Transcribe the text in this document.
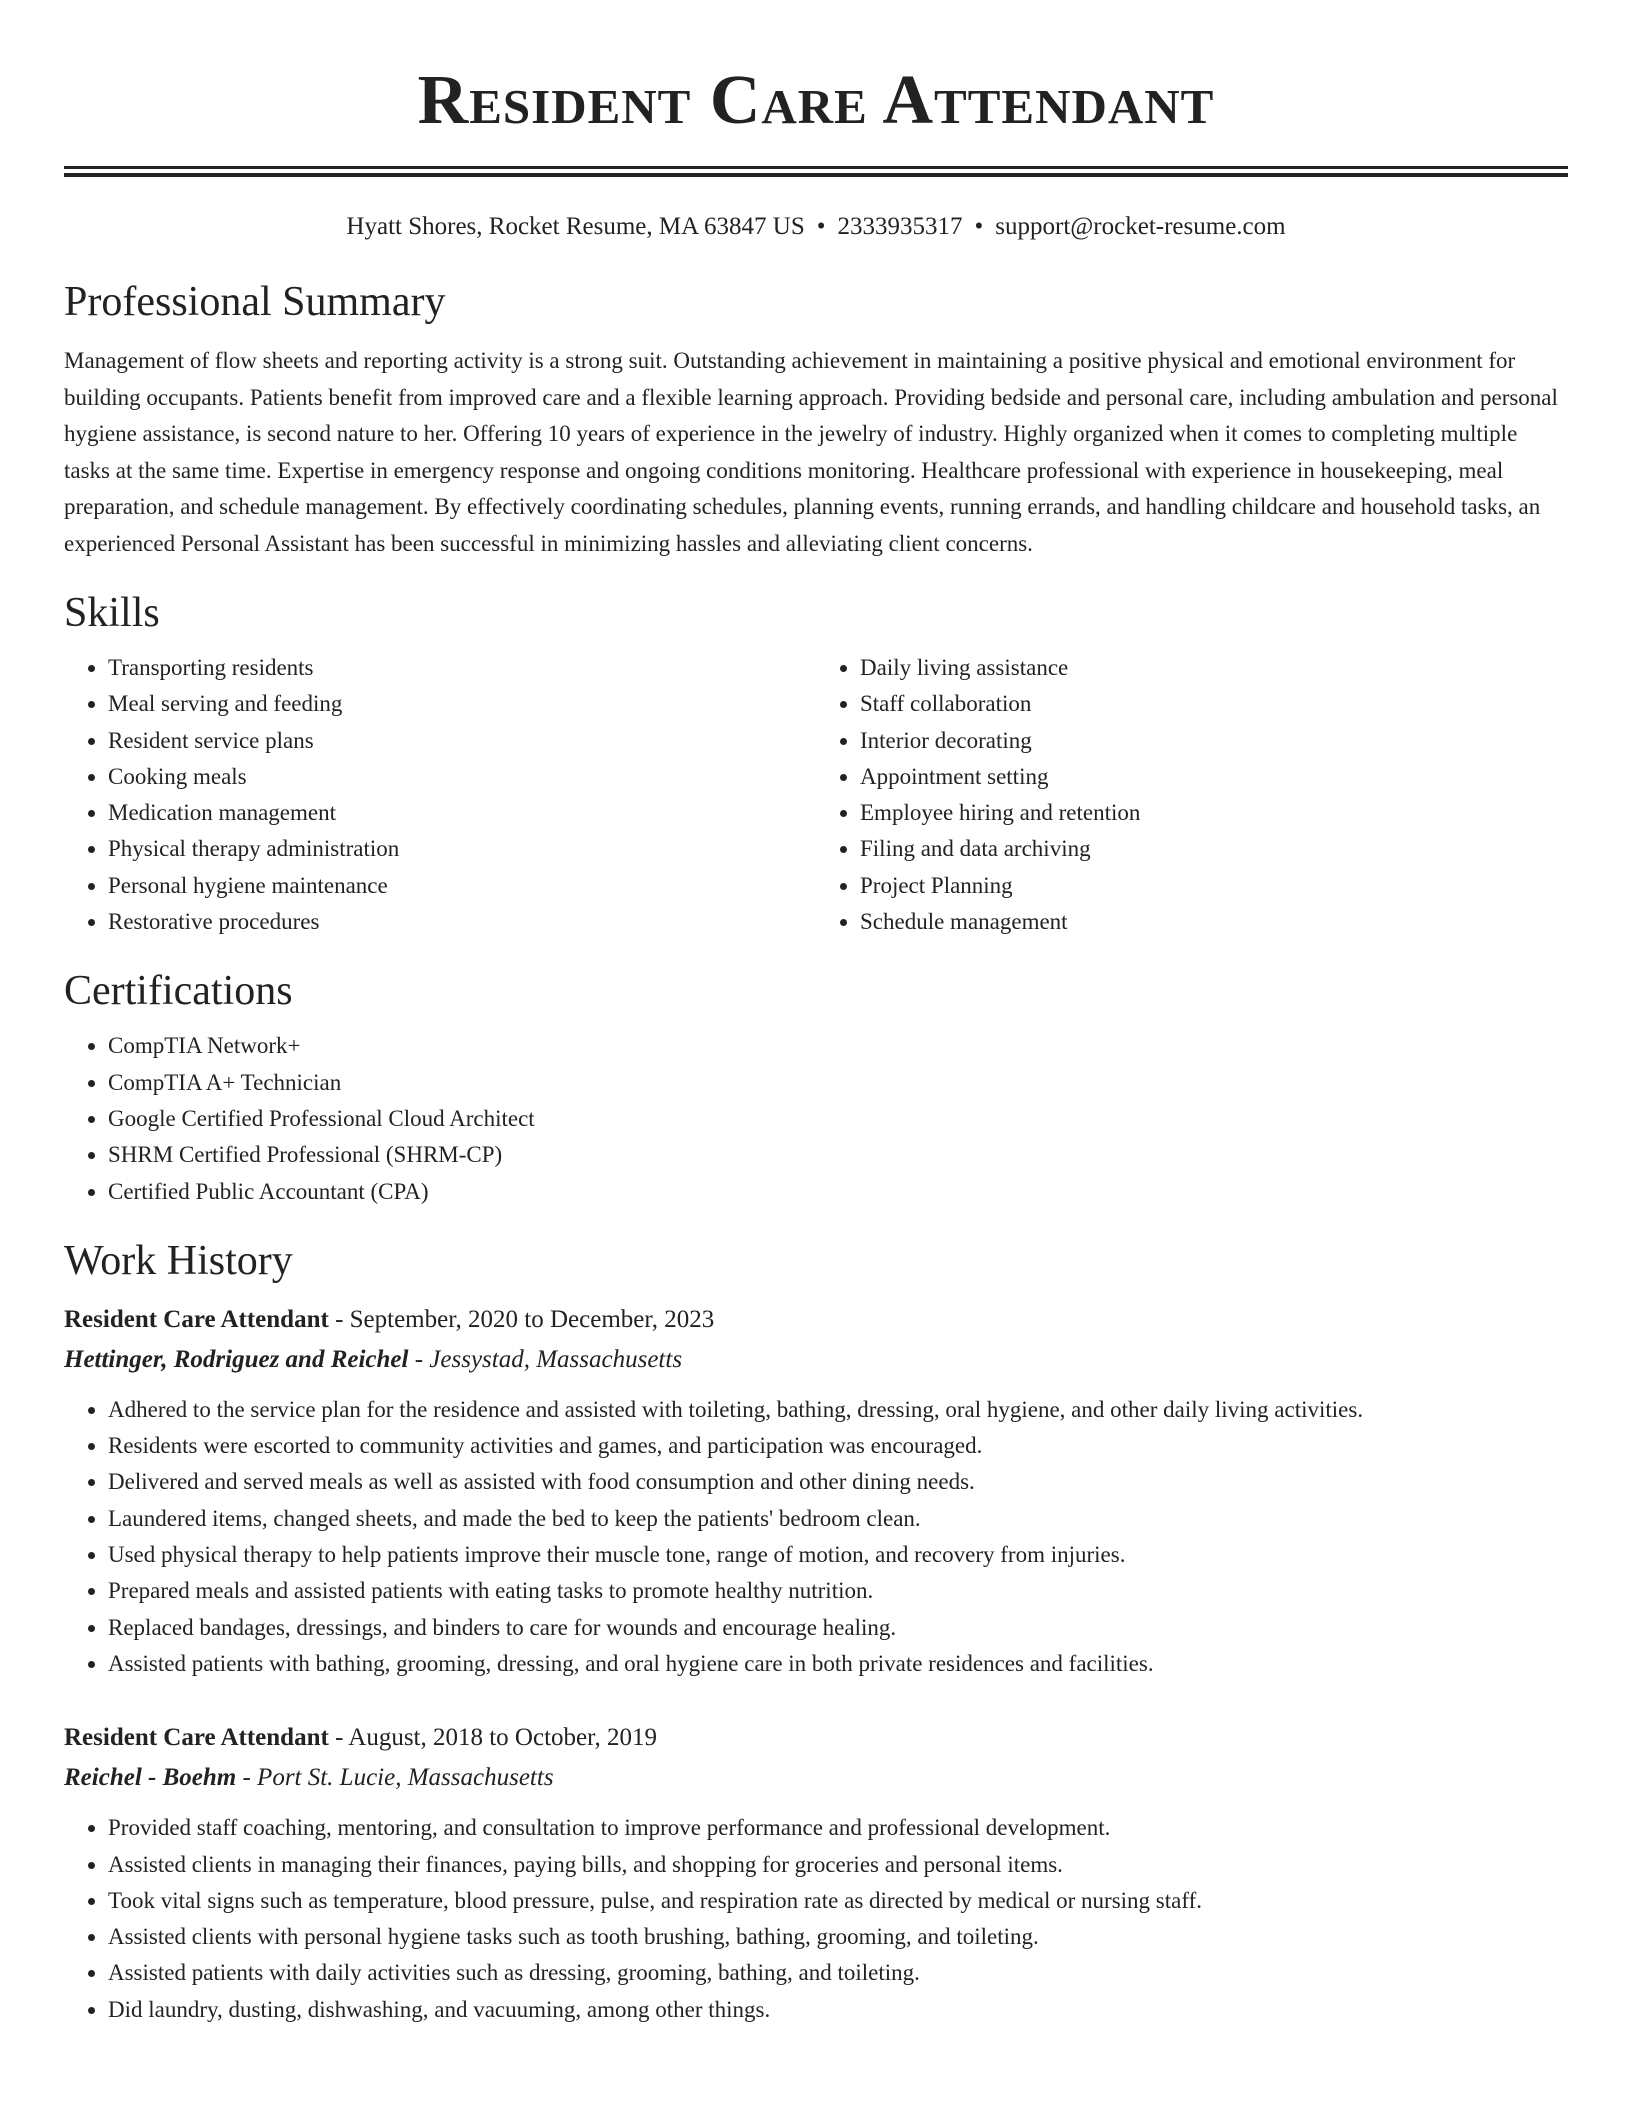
Resident Care Attendant
Hyatt Shores, Rocket Resume, MA 63847 US • 2333935317 • support@rocket-resume.com
Professional Summary
Management of flow sheets and reporting activity is a strong suit. Outstanding achievement in maintaining a positive physical and emotional environment for building occupants. Patients benefit from improved care and a flexible learning approach. Providing bedside and personal care, including ambulation and personal hygiene assistance, is second nature to her. Offering 10 years of experience in the jewelry of industry. Highly organized when it comes to completing multiple tasks at the same time. Expertise in emergency response and ongoing conditions monitoring. Healthcare professional with experience in housekeeping, meal preparation, and schedule management. By effectively coordinating schedules, planning events, running errands, and handling childcare and household tasks, an experienced Personal Assistant has been successful in minimizing hassles and alleviating client concerns.
Skills
• Transporting residents
• Meal serving and feeding
• Resident service plans
• Cooking meals
• Medication management
• Physical therapy administration
• Personal hygiene maintenance
• Restorative procedures
• Daily living assistance
• Staff collaboration
• Interior decorating
• Appointment setting
• Employee hiring and retention
• Filing and data archiving
• Project Planning
• Schedule management
Certifications
• CompTIA Network+
• CompTIA A+ Technician
• Google Certified Professional Cloud Architect
• SHRM Certified Professional (SHRM-CP)
• Certified Public Accountant (CPA)
Work History
Resident Care Attendant - September, 2020 to December, 2023
Hettinger, Rodriguez and Reichel - Jessystad, Massachusetts
• Adhered to the service plan for the residence and assisted with toileting, bathing, dressing, oral hygiene, and other daily living activities.
• Residents were escorted to community activities and games, and participation was encouraged.
• Delivered and served meals as well as assisted with food consumption and other dining needs.
• Laundered items, changed sheets, and made the bed to keep the patients' bedroom clean.
• Used physical therapy to help patients improve their muscle tone, range of motion, and recovery from injuries.
• Prepared meals and assisted patients with eating tasks to promote healthy nutrition.
• Replaced bandages, dressings, and binders to care for wounds and encourage healing.
• Assisted patients with bathing, grooming, dressing, and oral hygiene care in both private residences and facilities.
Resident Care Attendant - August, 2018 to October, 2019
Reichel - Boehm - Port St. Lucie, Massachusetts
• Provided staff coaching, mentoring, and consultation to improve performance and professional development.
• Assisted clients in managing their finances, paying bills, and shopping for groceries and personal items.
• Took vital signs such as temperature, blood pressure, pulse, and respiration rate as directed by medical or nursing staff.
• Assisted clients with personal hygiene tasks such as tooth brushing, bathing, grooming, and toileting.
• Assisted patients with daily activities such as dressing, grooming, bathing, and toileting.
• Did laundry, dusting, dishwashing, and vacuuming, among other things.
